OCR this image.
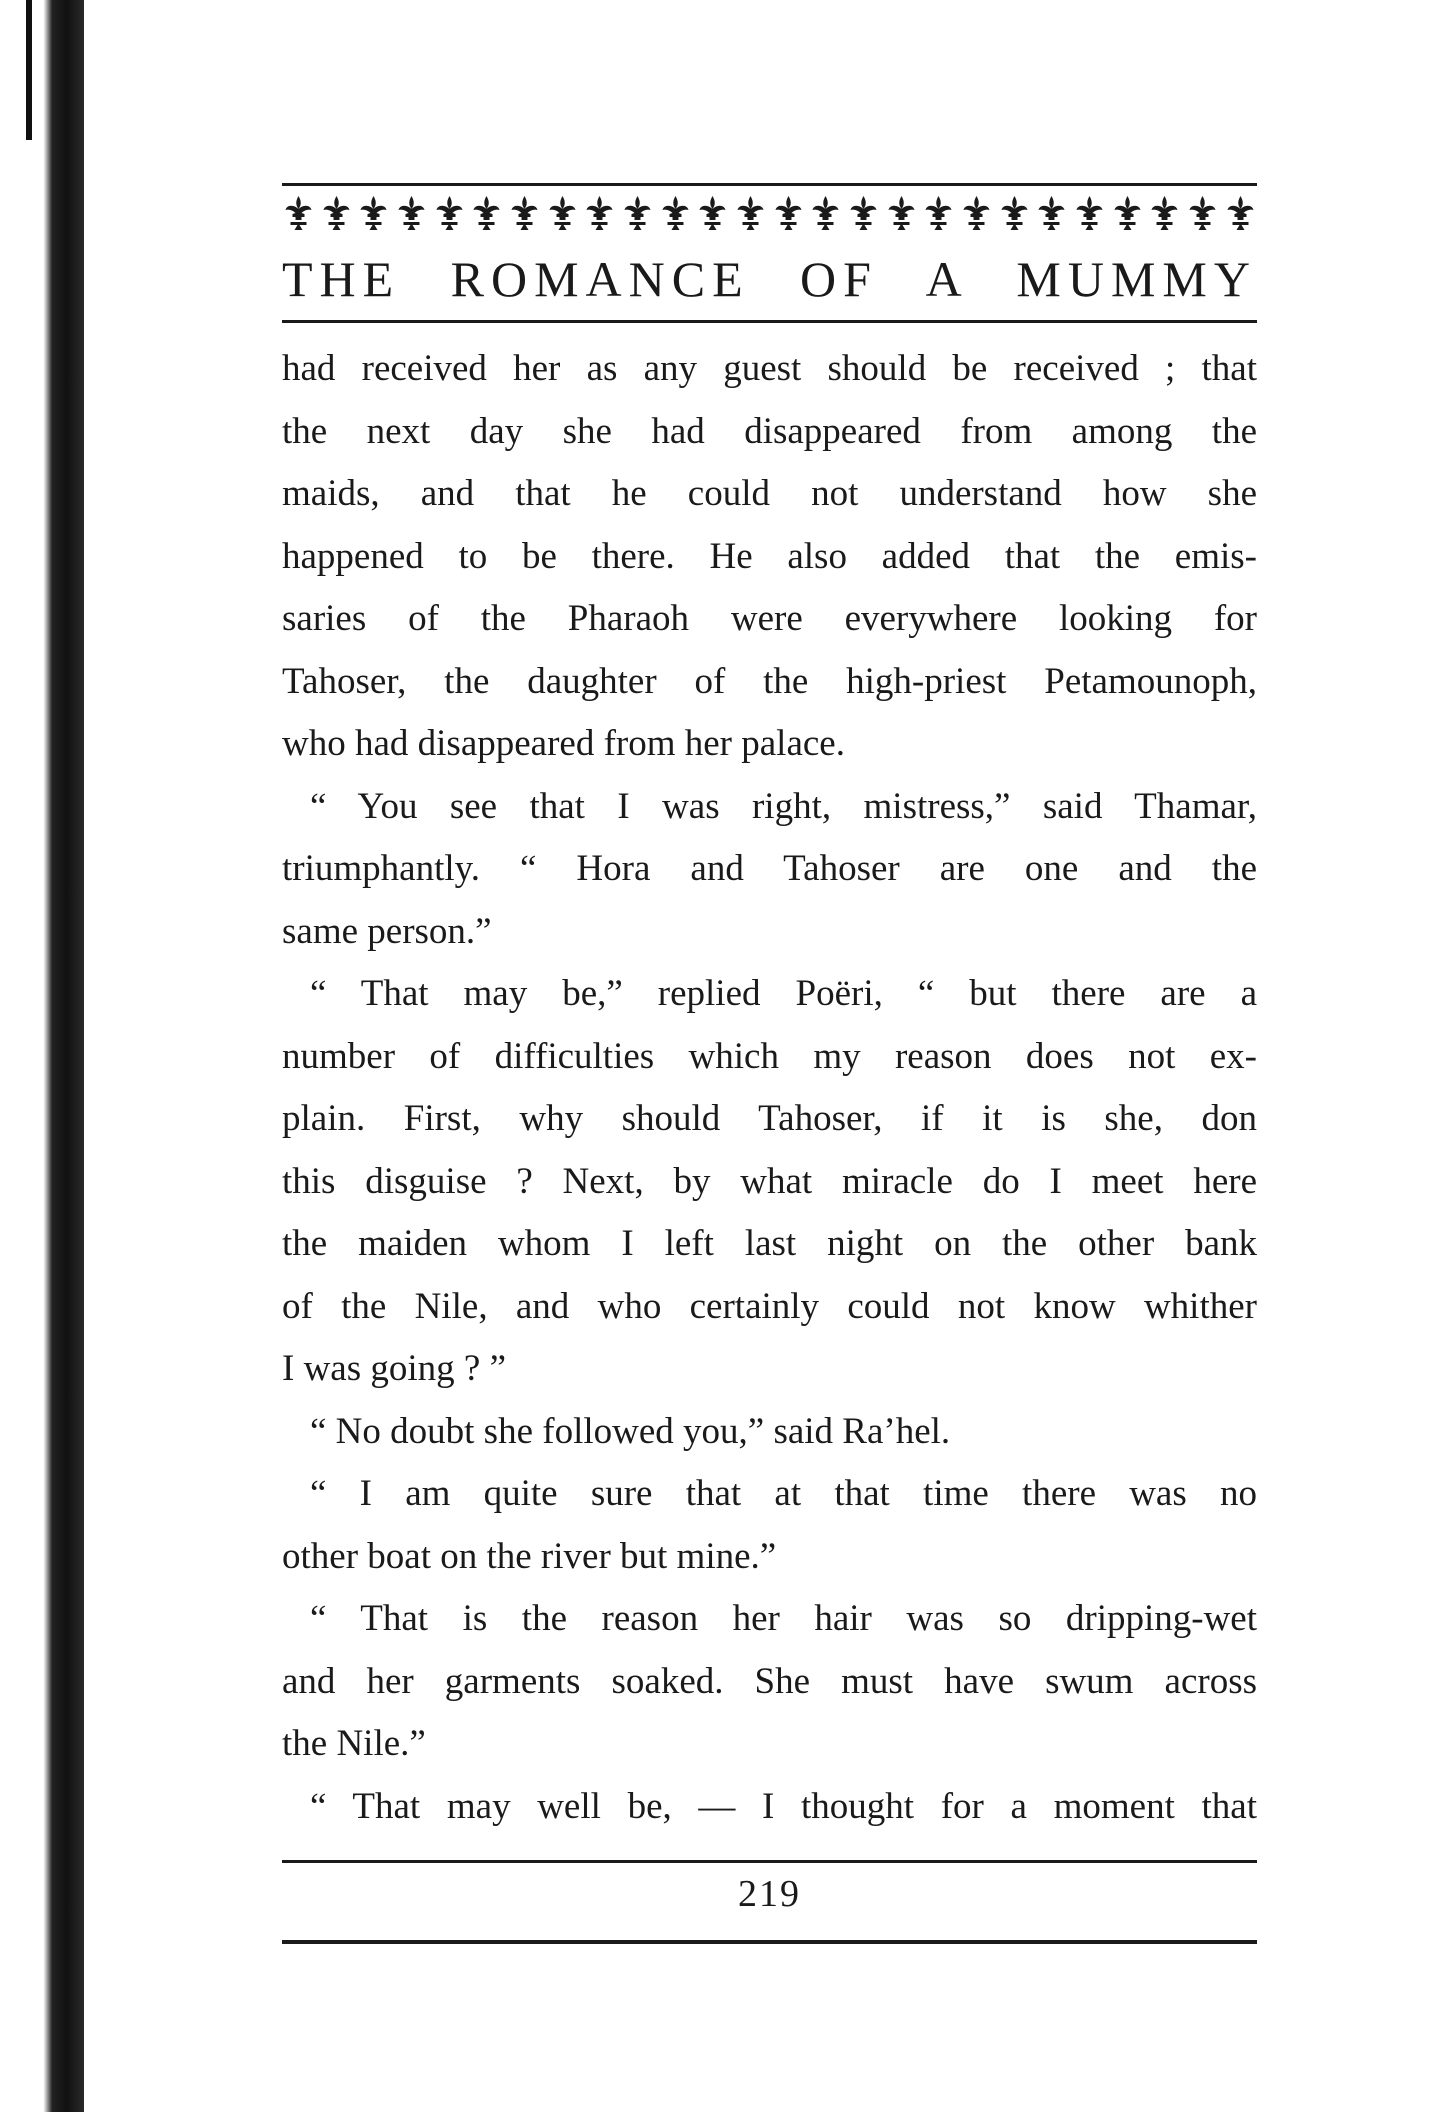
THE ROMANCE OF A MUMMY
had received her as any guest should be received ; that
the next day she had disappeared from among the
maids, and that he could not understand how she
happened to be there. He also added that the emis-
saries of the Pharaoh were everywhere looking for
Tahoser, the daughter of the high-priest Petamounoph,
who had disappeared from her palace.
“ You see that I was right, mistress,” said Thamar,
triumphantly. “ Hora and Tahoser are one and the
same person.”
“ That may be,” replied Poëri, “ but there are a
number of difficulties which my reason does not ex-
plain. First, why should Tahoser, if it is she, don
this disguise ? Next, by what miracle do I meet here
the maiden whom I left last night on the other bank
of the Nile, and who certainly could not know whither
I was going ? ”
“ No doubt she followed you,” said Ra’hel.
“ I am quite sure that at that time there was no
other boat on the river but mine.”
“ That is the reason her hair was so dripping-wet
and her garments soaked. She must have swum across
the Nile.”
“ That may well be, — I thought for a moment that
219
